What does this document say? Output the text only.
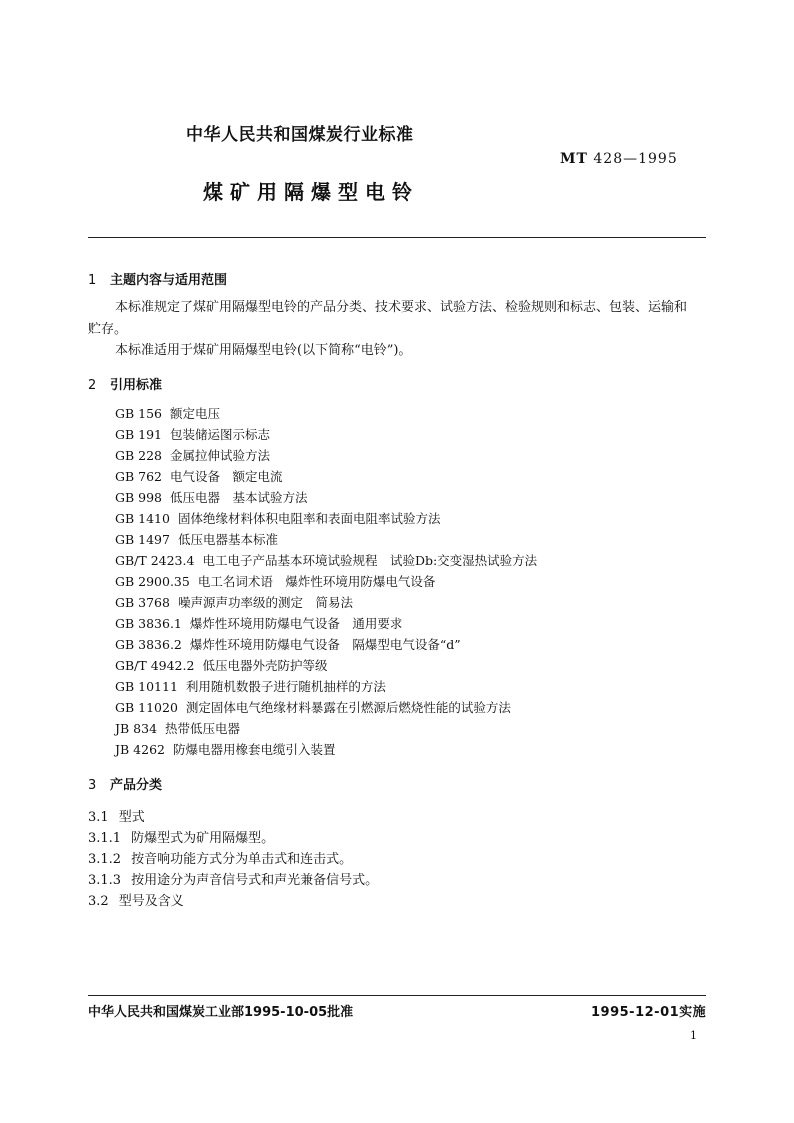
中华人民共和国煤炭行业标准
MT 428—1995
煤矿用隔爆型电铃
1 主题内容与适用范围
本标准规定了煤矿用隔爆型电铃的产品分类、技术要求、试验方法、检验规则和标志、包装、运输和
贮存。
本标准适用于煤矿用隔爆型电铃(以下简称“电铃”)。
2 引用标准
GB 156 额定电压
GB 191 包装储运图示标志
GB 228 金属拉伸试验方法
GB 762 电气设备　额定电流
GB 998 低压电器　基本试验方法
GB 1410 固体绝缘材料体积电阻率和表面电阻率试验方法
GB 1497 低压电器基本标准
GB/T 2423.4 电工电子产品基本环境试验规程　试验Db:交变湿热试验方法
GB 2900.35 电工名词术语　爆炸性环境用防爆电气设备
GB 3768 噪声源声功率级的测定　简易法
GB 3836.1 爆炸性环境用防爆电气设备　通用要求
GB 3836.2 爆炸性环境用防爆电气设备　隔爆型电气设备“d”
GB/T 4942.2 低压电器外壳防护等级
GB 10111 利用随机数骰子进行随机抽样的方法
GB 11020 测定固体电气绝缘材料暴露在引燃源后燃烧性能的试验方法
JB 834 热带低压电器
JB 4262 防爆电器用橡套电缆引入装置
3 产品分类
3.1 型式
3.1.1 防爆型式为矿用隔爆型。
3.1.2 按音响功能方式分为单击式和连击式。
3.1.3 按用途分为声音信号式和声光兼备信号式。
3.2 型号及含义
中华人民共和国煤炭工业部1995-10-05批准	1995-12-01实施
1
